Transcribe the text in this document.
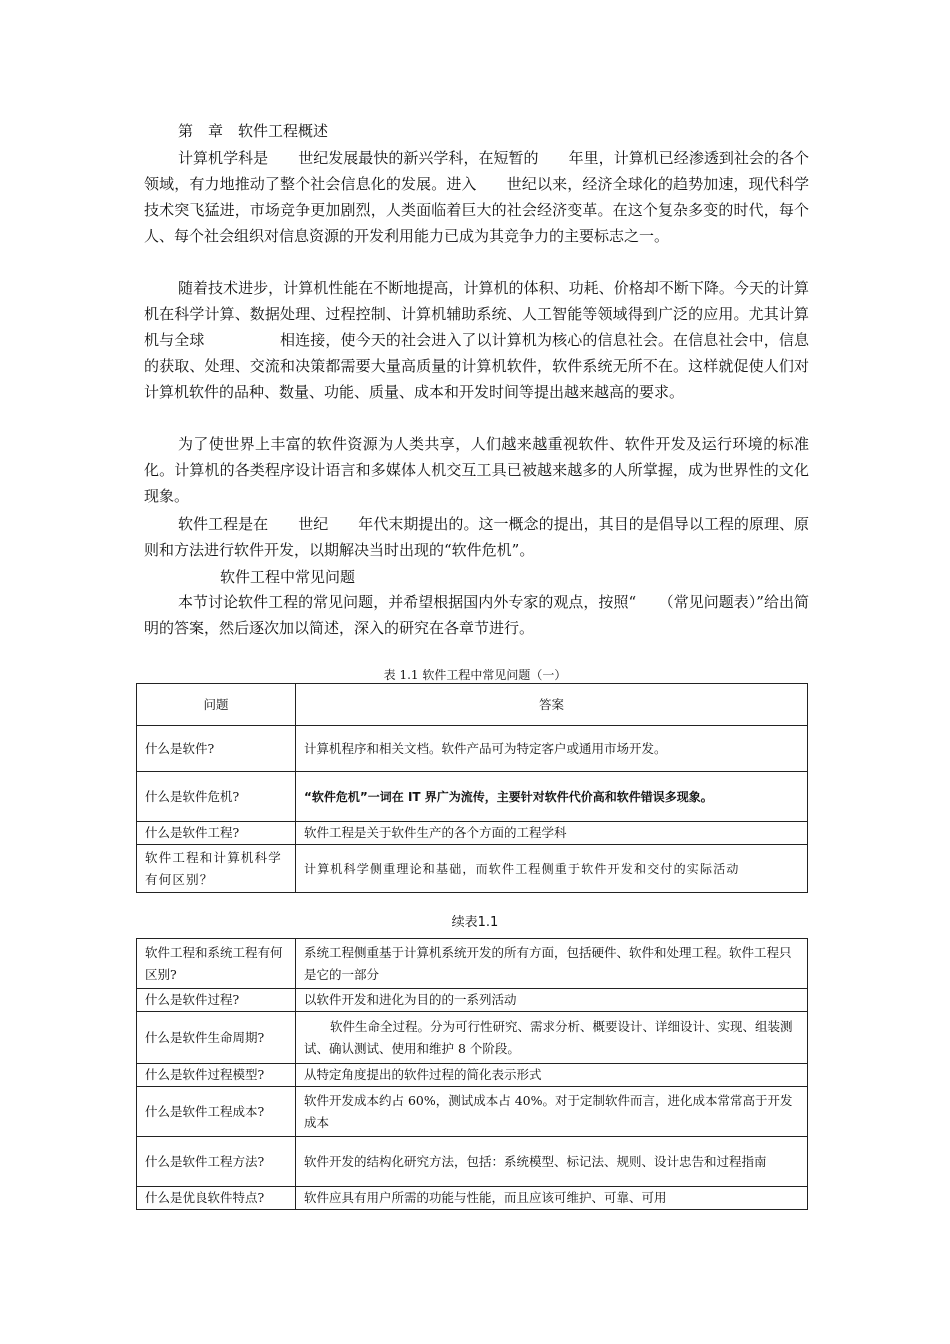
第　章　软件工程概述
计算机学科是　　世纪发展最快的新兴学科，在短暂的　　年里，计算机已经渗透到社会的各个领域，有力地推动了整个社会信息化的发展。进入　　世纪以来，经济全球化的趋势加速，现代科学技术突飞猛进，市场竞争更加剧烈，人类面临着巨大的社会经济变革。在这个复杂多变的时代，每个人、每个社会组织对信息资源的开发利用能力已成为其竞争力的主要标志之一。
随着技术进步，计算机性能在不断地提高，计算机的体积、功耗、价格却不断下降。今天的计算机在科学计算、数据处理、过程控制、计算机辅助系统、人工智能等领域得到广泛的应用。尤其计算机与全球　　　　　相连接，使今天的社会进入了以计算机为核心的信息社会。在信息社会中，信息的获取、处理、交流和决策都需要大量高质量的计算机软件，软件系统无所不在。这样就促使人们对计算机软件的品种、数量、功能、质量、成本和开发时间等提出越来越高的要求。
为了使世界上丰富的软件资源为人类共享，人们越来越重视软件、软件开发及运行环境的标准化。计算机的各类程序设计语言和多媒体人机交互工具已被越来越多的人所掌握，成为世界性的文化现象。
软件工程是在　　世纪　　年代末期提出的。这一概念的提出，其目的是倡导以工程的原理、原则和方法进行软件开发，以期解决当时出现的“软件危机”。
软件工程中常见问题
本节讨论软件工程的常见问题，并希望根据国内外专家的观点，按照“　　（常见问题表）”给出简明的答案，然后逐次加以简述，深入的研究在各章节进行。
表 1.1 软件工程中常见问题（一）
问题	答案
什么是软件?	计算机程序和相关文档。软件产品可为特定客户或通用市场开发。
什么是软件危机?	“软件危机”一词在 IT 界广为流传，主要针对软件代价高和软件错误多现象。
什么是软件工程?	软件工程是关于软件生产的各个方面的工程学科
软件工程和计算机科学有何区别？	计算机科学侧重理论和基础，而软件工程侧重于软件开发和交付的实际活动
续表1.1
软件工程和系统工程有何区别?	系统工程侧重基于计算机系统开发的所有方面，包括硬件、软件和处理工程。软件工程只是它的一部分
什么是软件过程?	以软件开发和进化为目的的一系列活动
什么是软件生命周期?	软件生命全过程。分为可行性研究、需求分析、概要设计、详细设计、实现、组装测试、确认测试、使用和维护 8 个阶段。
什么是软件过程模型?	从特定角度提出的软件过程的简化表示形式
什么是软件工程成本?	软件开发成本约占 60%，测试成本占 40%。对于定制软件而言，进化成本常常高于开发成本
什么是软件工程方法?	软件开发的结构化研究方法，包括：系统模型、标记法、规则、设计忠告和过程指南
什么是优良软件特点?	软件应具有用户所需的功能与性能，而且应该可维护、可靠、可用
